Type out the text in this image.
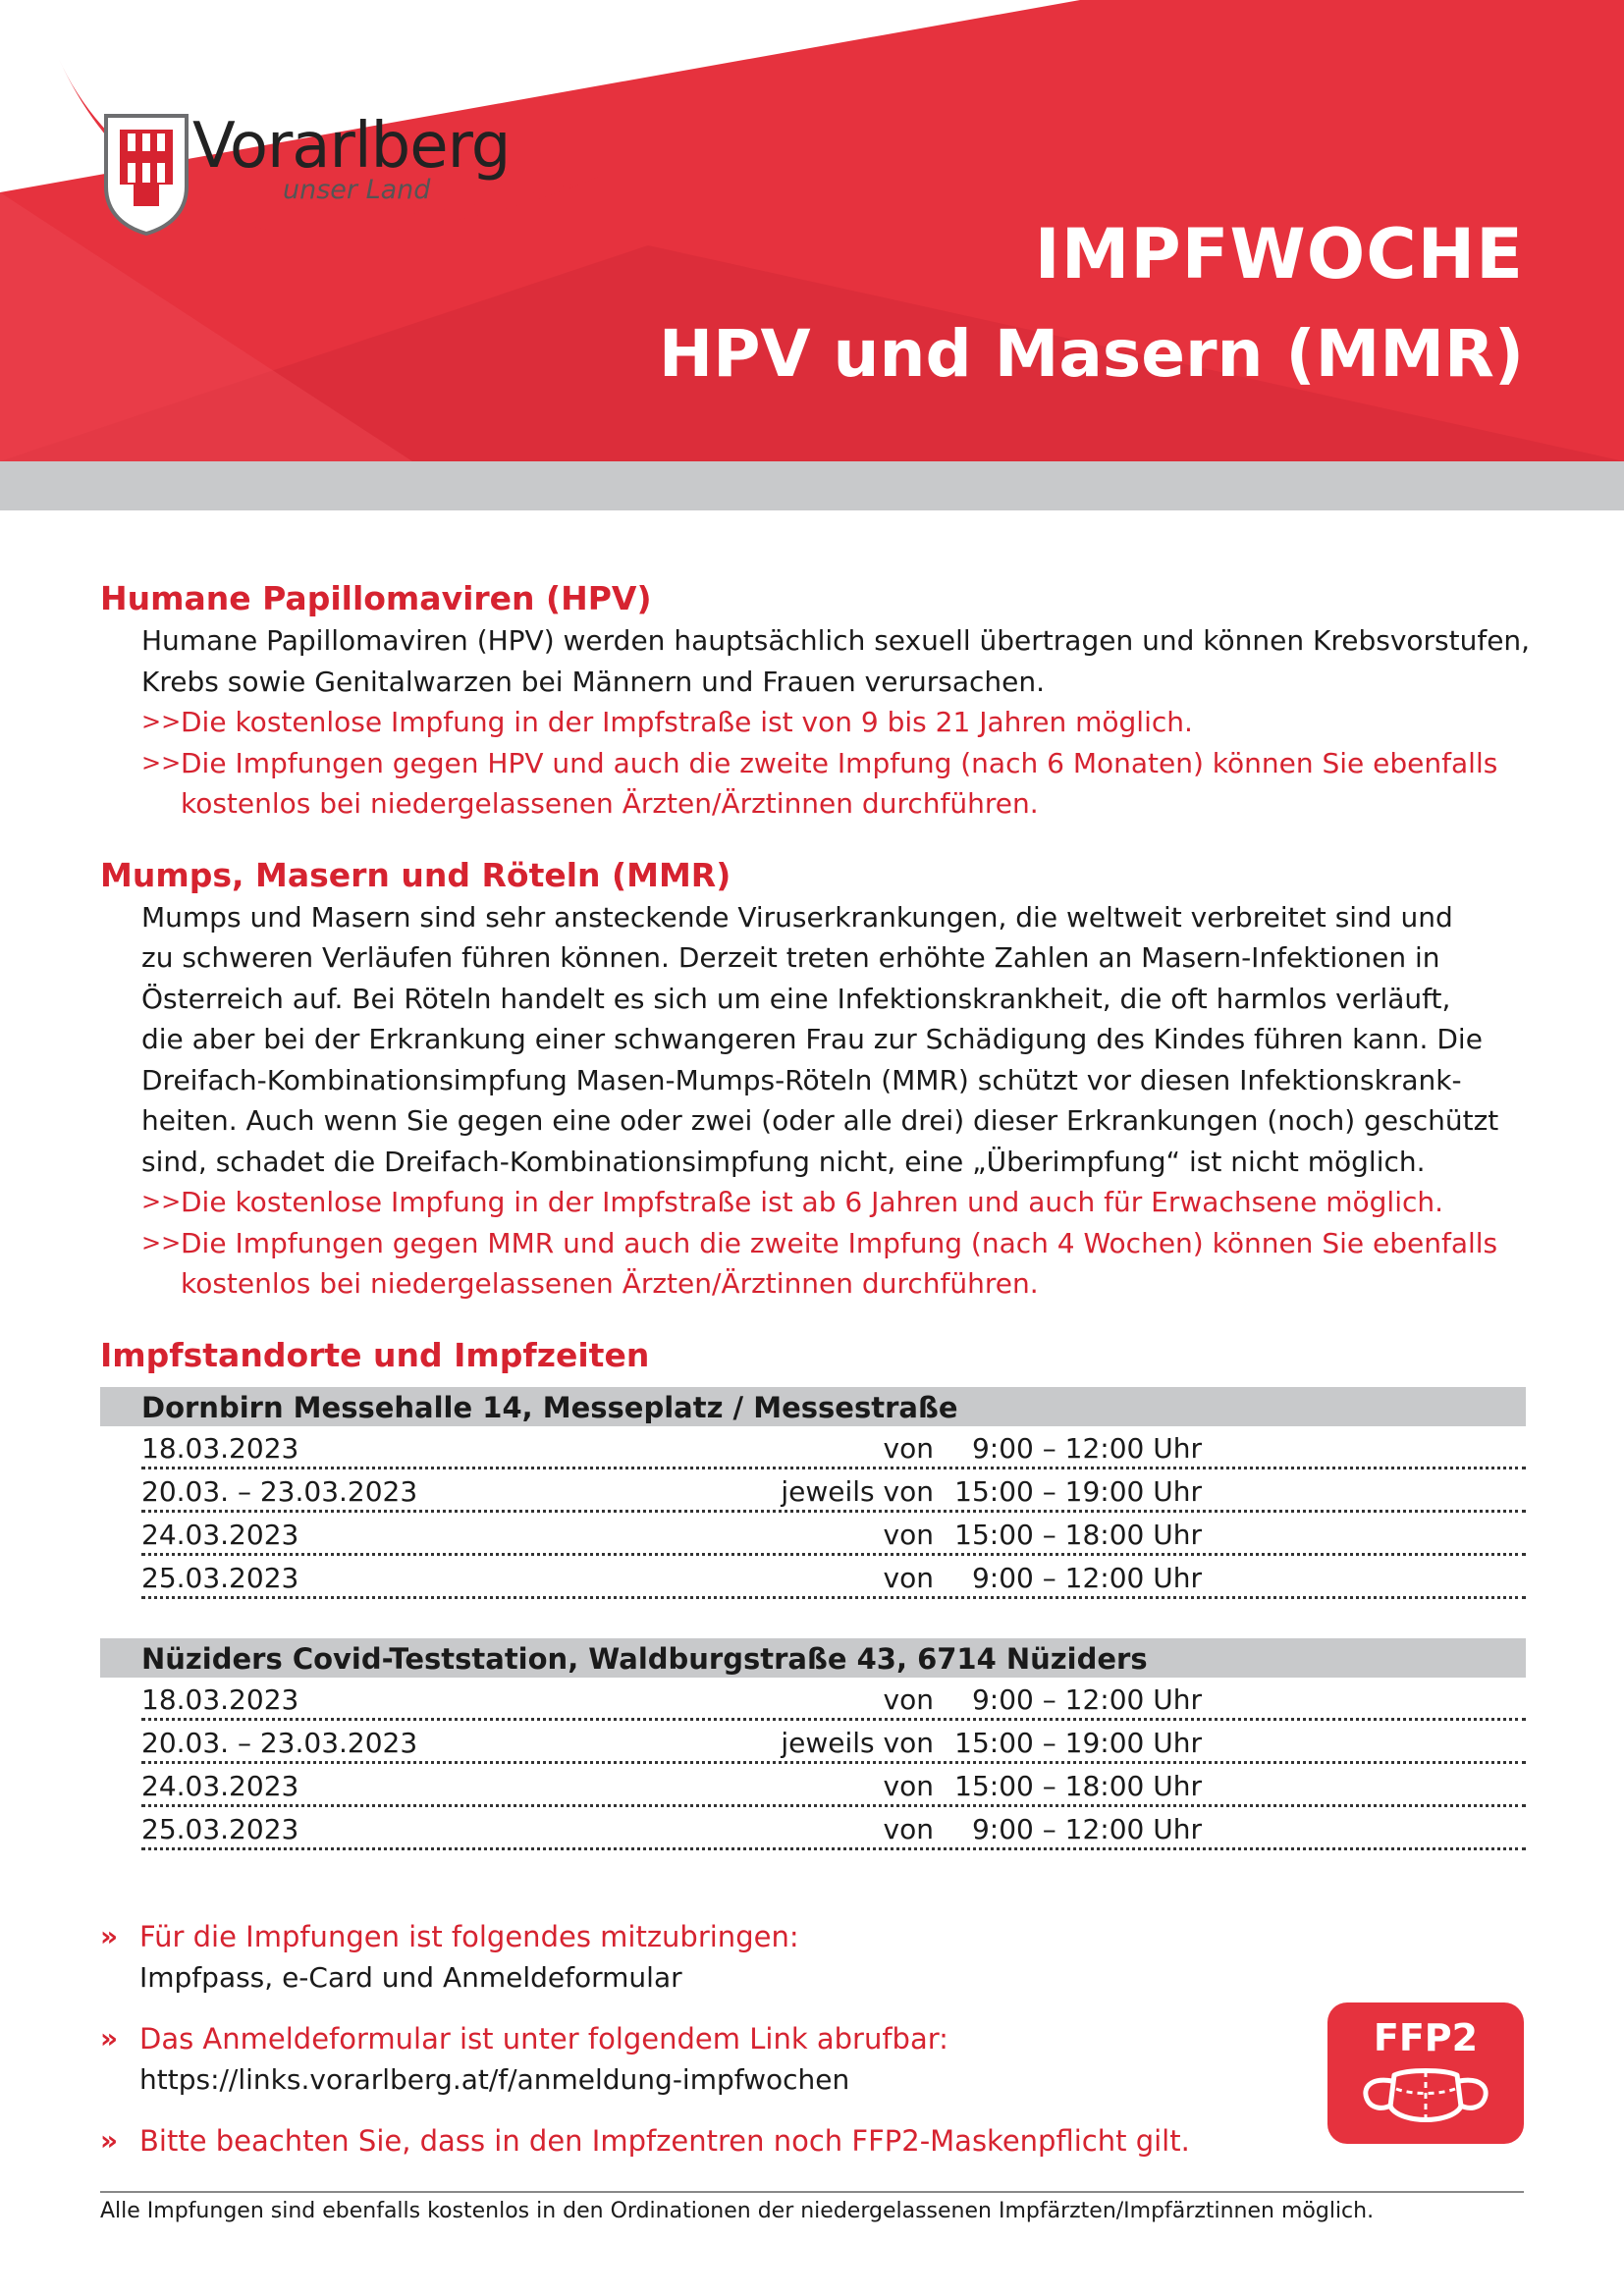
Vorarlberg
unser Land
IMPFWOCHE
HPV und Masern (MMR)
Humane Papillomaviren (HPV)

Humane Papillomaviren (HPV) werden hauptsächlich sexuell übertragen und können Krebsvorstufen,
Krebs sowie Genitalwarzen bei Männern und Frauen verursachen.

>> Die kostenlose Impfung in der Impfstraße ist von 9 bis 21 Jahren möglich.
>> Die Impfungen gegen HPV und auch die zweite Impfung (nach 6 Monaten) können Sie ebenfalls
kostenlos bei niedergelassenen Ärzten/Ärztinnen durchführen.
Mumps, Masern und Röteln (MMR)

Mumps und Masern sind sehr ansteckende Viruserkrankungen, die weltweit verbreitet sind und
zu schweren Verläufen führen können. Derzeit treten erhöhte Zahlen an Masern-Infektionen in
Österreich auf. Bei Röteln handelt es sich um eine Infektionskrankheit, die oft harmlos verläuft,
die aber bei der Erkrankung einer schwangeren Frau zur Schädigung des Kindes führen kann. Die
Dreifach-Kombinationsimpfung Masen-Mumps-Röteln (MMR) schützt vor diesen Infektionskrank-
heiten. Auch wenn Sie gegen eine oder zwei (oder alle drei) dieser Erkrankungen (noch) geschützt
sind, schadet die Dreifach-Kombinationsimpfung nicht, eine „Überimpfung“ ist nicht möglich.

>> Die kostenlose Impfung in der Impfstraße ist ab 6 Jahren und auch für Erwachsene möglich.
>> Die Impfungen gegen MMR und auch die zweite Impfung (nach 4 Wochen) können Sie ebenfalls
kostenlos bei niedergelassenen Ärzten/Ärztinnen durchführen.
Impfstandorte und Impfzeiten
Dornbirn Messehalle 14, Messeplatz / Messestraße
18.03.2023	von 9:00 – 12:00 Uhr
20.03. – 23.03.2023	jeweils von 15:00 – 19:00 Uhr
24.03.2023	von 15:00 – 18:00 Uhr
25.03.2023	von 9:00 – 12:00 Uhr
Nüziders Covid-Teststation, Waldburgstraße 43, 6714 Nüziders
18.03.2023	von 9:00 – 12:00 Uhr
20.03. – 23.03.2023	jeweils von 15:00 – 19:00 Uhr
24.03.2023	von 15:00 – 18:00 Uhr
25.03.2023	von 9:00 – 12:00 Uhr
» Für die Impfungen ist folgendes mitzubringen:
Impfpass, e-Card und Anmeldeformular
» Das Anmeldeformular ist unter folgendem Link abrufbar:
https://links.vorarlberg.at/f/anmeldung-impfwochen
» Bitte beachten Sie, dass in den Impfzentren noch FFP2-Maskenpflicht gilt.
FFP2
Alle Impfungen sind ebenfalls kostenlos in den Ordinationen der niedergelassenen Impfärzten/Impfärztinnen möglich.
